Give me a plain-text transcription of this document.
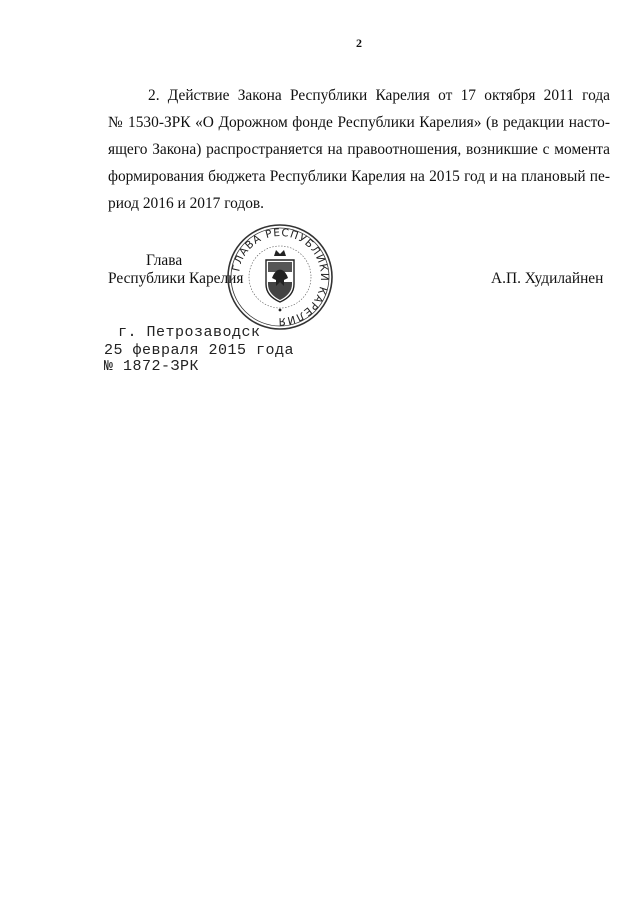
2
2. Действие Закона Республики Карелия от 17 октября 2011 года
№ 1530-ЗРК «О Дорожном фонде Республики Карелия» (в редакции насто-
ящего Закона) распространяется на правоотношения, возникшие с момента
формирования бюджета Республики Карелия на 2015 год и на плановый пе-
риод 2016 и 2017 годов.
Глава
Республики Карелия	А.П. Худилайнен
ГЛАВА РЕСПУБЛИКИ КАРЕЛИЯ
г. Петрозаводск
25 февраля 2015 года
№ 1872-ЗРК
